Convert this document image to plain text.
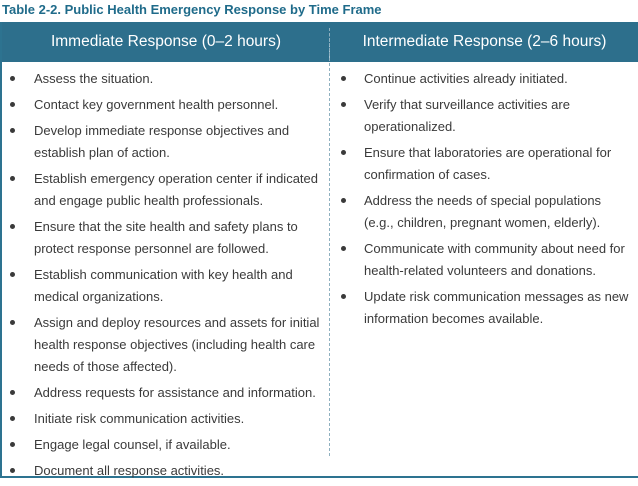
Table 2-2. Public Health Emergency Response by Time Frame
Immediate Response (0–2 hours)	Intermediate Response (2–6 hours)
Assess the situation.
Contact key government health personnel.
Develop immediate response objectives and establish plan of action.
Establish emergency operation center if indicated and engage public health professionals.
Ensure that the site health and safety plans to protect response personnel are followed.
Establish communication with key health and medical organizations.
Assign and deploy resources and assets for initial health response objectives (including health care needs of those affected).
Address requests for assistance and information.
Initiate risk communication activities.
Engage legal counsel, if available.
Document all response activities.
Continue activities already initiated.
Verify that surveillance activities are operationalized.
Ensure that laboratories are operational for confirmation of cases.
Address the needs of special populations (e.g., children, pregnant women, elderly).
Communicate with community about need for health-related volunteers and donations.
Update risk communication messages as new information becomes available.
